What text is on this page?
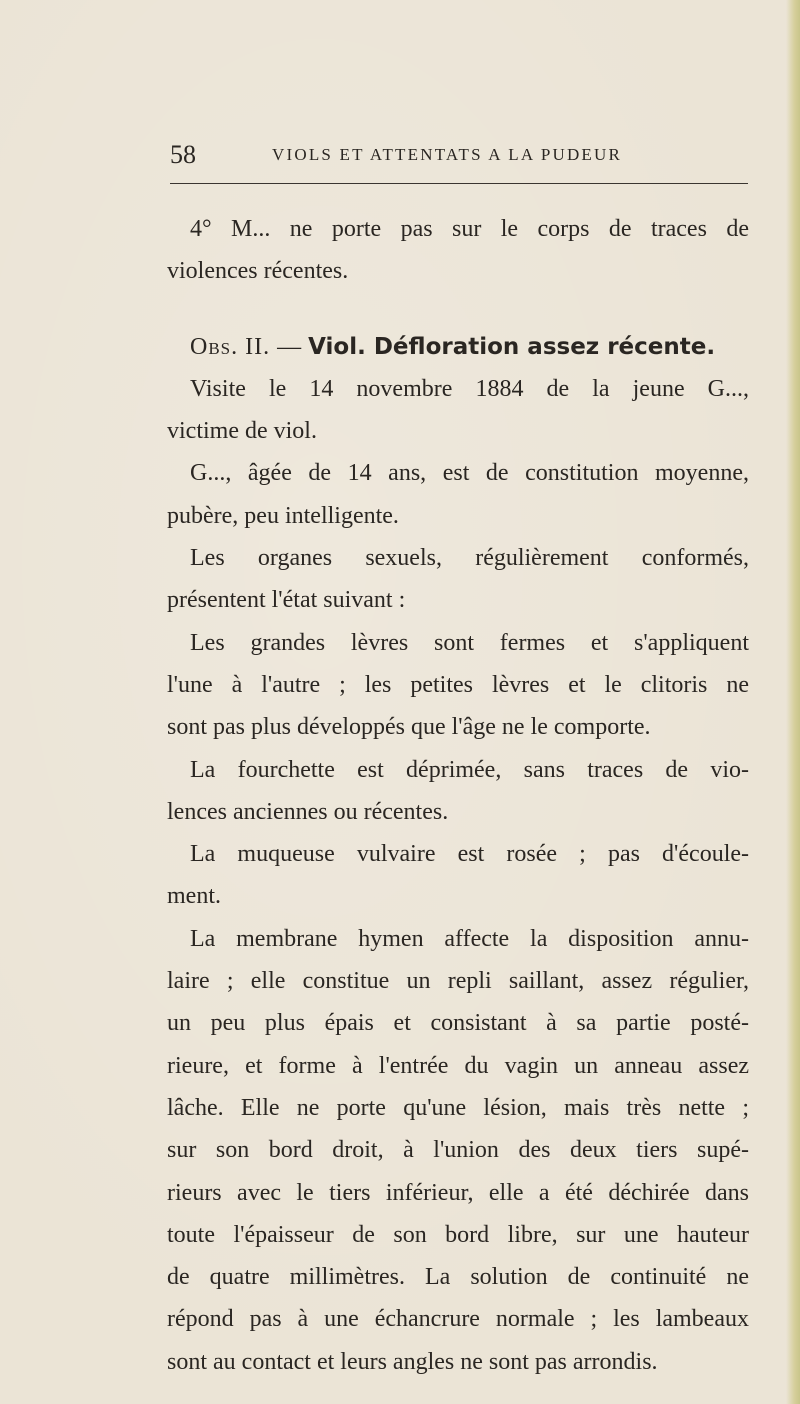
58	VIOLS ET ATTENTATS A LA PUDEUR
4° M... ne porte pas sur le corps de traces de
violences récentes.
Obs. II. — Viol. Défloration assez récente.
Visite le 14 novembre 1884 de la jeune G...,
victime de viol.
G..., âgée de 14 ans, est de constitution moyenne,
pubère, peu intelligente.
Les organes sexuels, régulièrement conformés,
présentent l'état suivant :
Les grandes lèvres sont fermes et s'appliquent
l'une à l'autre ; les petites lèvres et le clitoris ne
sont pas plus développés que l'âge ne le comporte.
La fourchette est déprimée, sans traces de vio-
lences anciennes ou récentes.
La muqueuse vulvaire est rosée ; pas d'écoule-
ment.
La membrane hymen affecte la disposition annu-
laire ; elle constitue un repli saillant, assez régulier,
un peu plus épais et consistant à sa partie posté-
rieure, et forme à l'entrée du vagin un anneau assez
lâche. Elle ne porte qu'une lésion, mais très nette ;
sur son bord droit, à l'union des deux tiers supé-
rieurs avec le tiers inférieur, elle a été déchirée dans
toute l'épaisseur de son bord libre, sur une hauteur
de quatre millimètres. La solution de continuité ne
répond pas à une échancrure normale ; les lambeaux
sont au contact et leurs angles ne sont pas arrondis.
